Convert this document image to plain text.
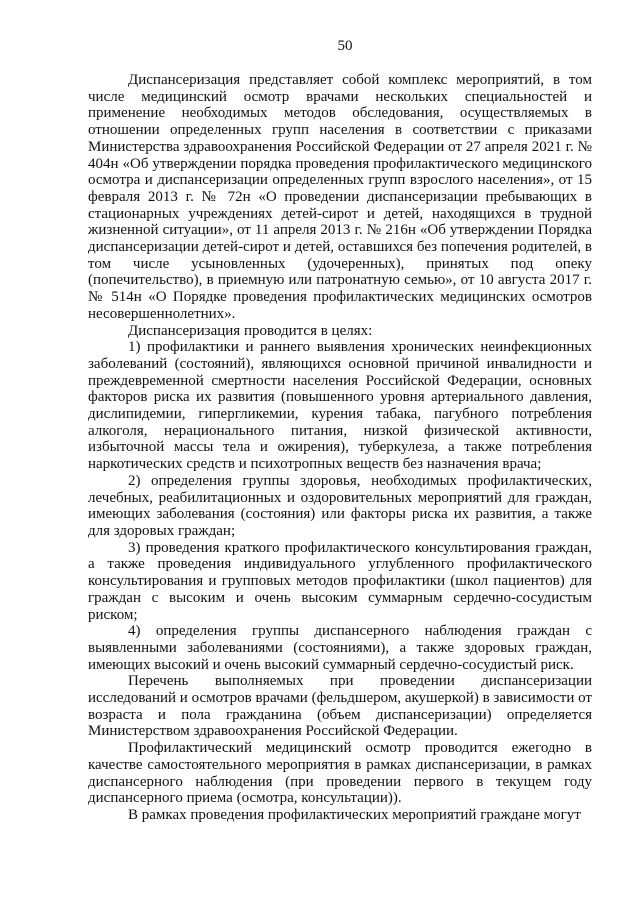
50

Диспансеризация представляет собой комплекс мероприятий, в том числе медицинский осмотр врачами нескольких специальностей и применение необходимых методов обследования, осуществляемых в отношении определенных групп населения в соответствии с приказами Министерства здравоохранения Российской Федерации от 27 апреля 2021 г. № 404н «Об утверждении порядка проведения профилактического медицинского осмотра и диспансеризации определенных групп взрослого населения», от 15 февраля 2013 г. № 72н «О проведении диспансеризации пребывающих в стационарных учреждениях детей-сирот и детей, находящихся в трудной жизненной ситуации», от 11 апреля 2013 г. № 216н «Об утверждении Порядка диспансеризации детей-сирот и детей, оставшихся без попечения родителей, в том числе усыновленных (удочеренных), принятых под опеку (попечительство), в приемную или патронатную семью», от 10 августа 2017 г. № 514н «О Порядке проведения профилактических медицинских осмотров несовершеннолетних».

Диспансеризация проводится в целях:

1) профилактики и раннего выявления хронических неинфекционных заболеваний (состояний), являющихся основной причиной инвалидности и преждевременной смертности населения Российской Федерации, основных факторов риска их развития (повышенного уровня артериального давления, дислипидемии, гипергликемии, курения табака, пагубного потребления алкоголя, нерационального питания, низкой физической активности, избыточной массы тела и ожирения), туберкулеза, а также потребления наркотических средств и психотропных веществ без назначения врача;

2) определения группы здоровья, необходимых профилактических, лечебных, реабилитационных и оздоровительных мероприятий для граждан, имеющих заболевания (состояния) или факторы риска их развития, а также для здоровых граждан;

3) проведения краткого профилактического консультирования граждан, а также проведения индивидуального углубленного профилактического консультирования и групповых методов профилактики (школ пациентов) для граждан с высоким и очень высоким суммарным сердечно-сосудистым риском;

4) определения группы диспансерного наблюдения граждан с выявленными заболеваниями (состояниями), а также здоровых граждан, имеющих высокий и очень высокий суммарный сердечно-сосудистый риск.

Перечень выполняемых при проведении диспансеризации исследований и осмотров врачами (фельдшером, акушеркой) в зависимости от возраста и пола гражданина (объем диспансеризации) определяется Министерством здравоохранения Российской Федерации.

Профилактический медицинский осмотр проводится ежегодно в качестве самостоятельного мероприятия в рамках диспансеризации, в рамках диспансерного наблюдения (при проведении первого в текущем году диспансерного приема (осмотра, консультации)).

В рамках проведения профилактических мероприятий граждане могут
